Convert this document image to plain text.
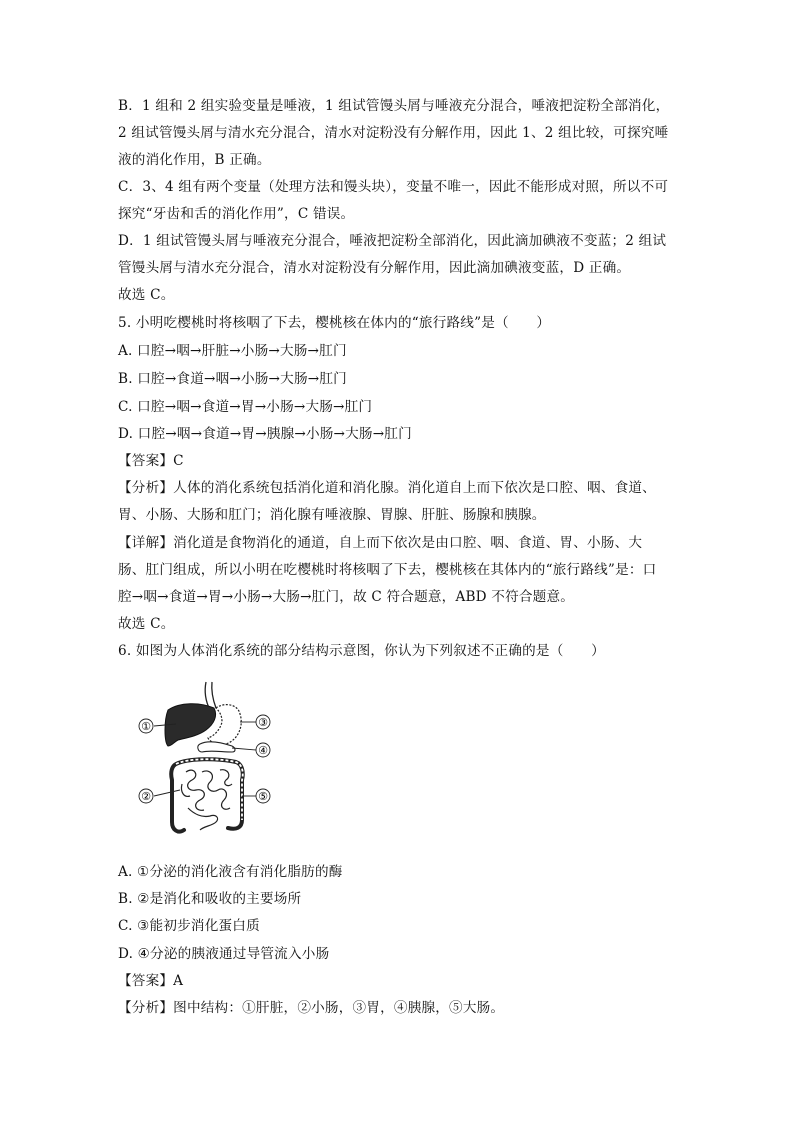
B．1 组和 2 组实验变量是唾液，1 组试管馒头屑与唾液充分混合，唾液把淀粉全部消化，
2 组试管馒头屑与清水充分混合，清水对淀粉没有分解作用，因此 1、2 组比较，可探究唾
液的消化作用，B 正确。
C．3、4 组有两个变量（处理方法和馒头块），变量不唯一，因此不能形成对照，所以不可
探究“牙齿和舌的消化作用”，C 错误。
D．1 组试管馒头屑与唾液充分混合，唾液把淀粉全部消化，因此滴加碘液不变蓝；2 组试
管馒头屑与清水充分混合，清水对淀粉没有分解作用，因此滴加碘液变蓝，D 正确。
故选 C。
5. 小明吃樱桃时将核咽了下去，樱桃核在体内的“旅行路线”是（　　）
A. 口腔→咽→肝脏→小肠→大肠→肛门
B. 口腔→食道→咽→小肠→大肠→肛门
C. 口腔→咽→食道→胃→小肠→大肠→肛门
D. 口腔→咽→食道→胃→胰腺→小肠→大肠→肛门
【答案】C
【分析】人体的消化系统包括消化道和消化腺。消化道自上而下依次是口腔、咽、食道、
胃、小肠、大肠和肛门；消化腺有唾液腺、胃腺、肝脏、肠腺和胰腺。
【详解】消化道是食物消化的通道，自上而下依次是由口腔、咽、食道、胃、小肠、大
肠、肛门组成，所以小明在吃樱桃时将核咽了下去，樱桃核在其体内的“旅行路线”是：口
腔→咽→食道→胃→小肠→大肠→肛门，故 C 符合题意，ABD 不符合题意。
故选 C。
6. 如图为人体消化系统的部分结构示意图，你认为下列叙述不正确的是（　　）
①
②
③
④
⑤
A. ①分泌的消化液含有消化脂肪的酶
B. ②是消化和吸收的主要场所
C. ③能初步消化蛋白质
D. ④分泌的胰液通过导管流入小肠
【答案】A
【分析】图中结构：①肝脏，②小肠，③胃，④胰腺，⑤大肠。
